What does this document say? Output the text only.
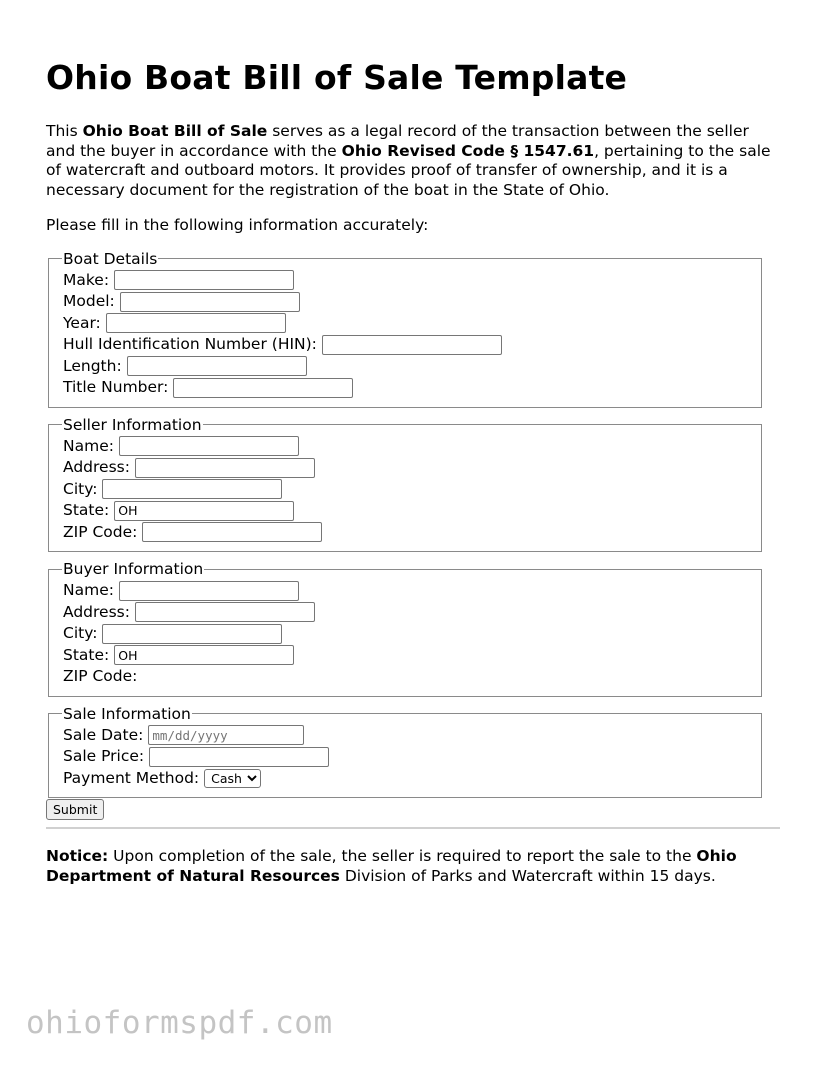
Ohio Boat Bill of Sale Template

This Ohio Boat Bill of Sale serves as a legal record of the transaction between the seller and the buyer in accordance with the Ohio Revised Code § 1547.61, pertaining to the sale of watercraft and outboard motors. It provides proof of transfer of ownership, and it is a necessary document for the registration of the boat in the State of Ohio.

Please fill in the following information accurately:

Boat Details
Make:
Model:
Year:
Hull Identification Number (HIN):
Length:
Title Number:
Seller Information
Name:
Address:
City:
State:
OH
ZIP Code:
Buyer Information
Name:
Address:
City:
State:
OH
ZIP Code:
Sale Information
Sale Date:
mm/dd/yyyy
Sale Price:
Payment Method:
Cash
Submit

Notice: Upon completion of the sale, the seller is required to report the sale to the Ohio Department of Natural Resources Division of Parks and Watercraft within 15 days.

ohioformspdf.com
